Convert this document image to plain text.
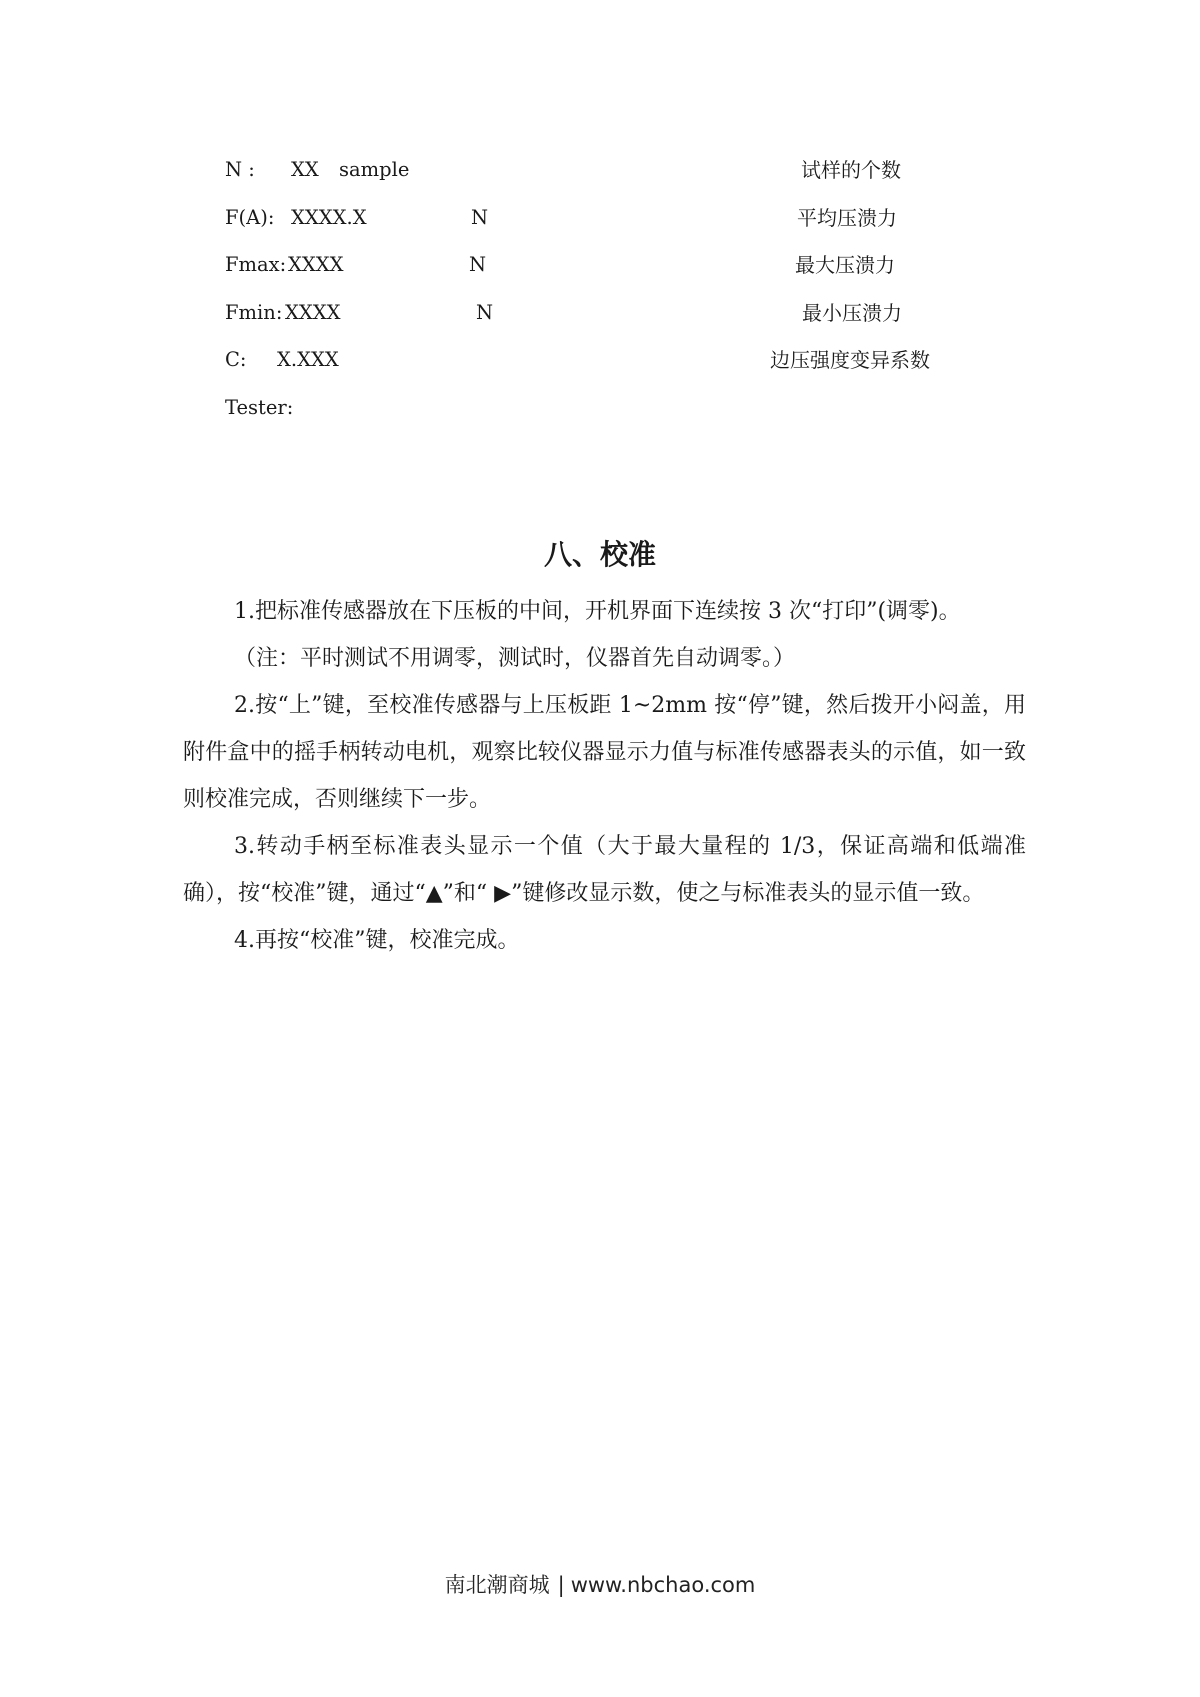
N : XX sample	试样的个数
F(A): XXXX.X	N	平均压溃力
Fmax: XXXX	N	最大压溃力
Fmin: XXXX	N	最小压溃力
C: X.XXX	边压强度变异系数
Tester:
八、校准

1.把标准传感器放在下压板的中间，开机界面下连续按 3 次“打印”(调零)。

（注：平时测试不用调零，测试时，仪器首先自动调零。）

2.按“上”键，至校准传感器与上压板距 1~2mm 按“停”键，然后拨开小闷盖，用附件盒中的摇手柄转动电机，观察比较仪器显示力值与标准传感器表头的示值，如一致则校准完成，否则继续下一步。

3.转动手柄至标准表头显示一个值（大于最大量程的 1/3，保证高端和低端准确），按“校准”键，通过“▲”和“ ▶”键修改显示数，使之与标准表头的显示值一致。

4.再按“校准”键，校准完成。

南北潮商城 | www.nbchao.com
